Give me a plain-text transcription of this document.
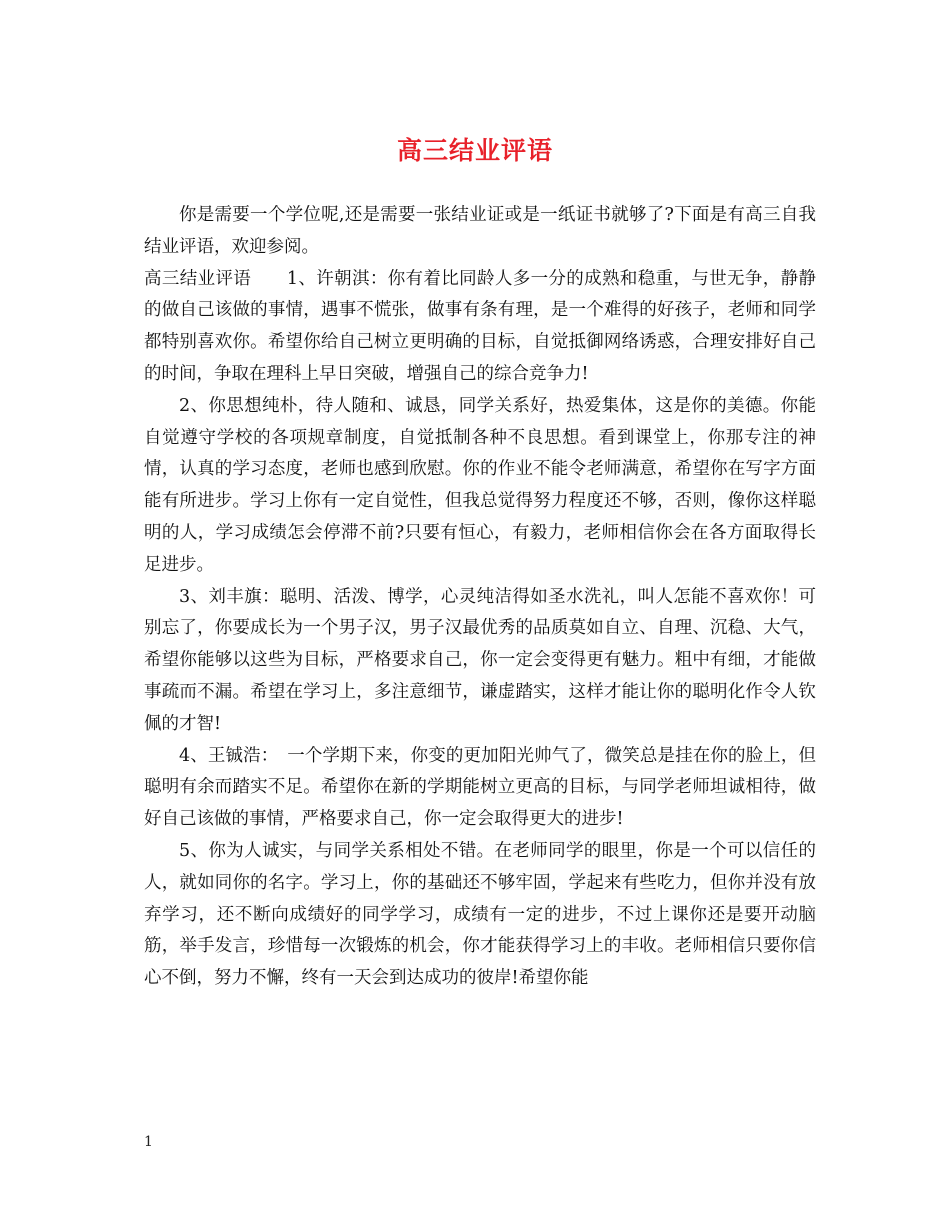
高三结业评语

你是需要一个学位呢,还是需要一张结业证或是一纸证书就够了?下面是有高三自我结业评语，欢迎参阅。

高三结业评语　　1、许朝淇：你有着比同龄人多一分的成熟和稳重，与世无争，静静的做自己该做的事情，遇事不慌张，做事有条有理，是一个难得的好孩子，老师和同学都特别喜欢你。希望你给自己树立更明确的目标，自觉抵御网络诱惑，合理安排好自己的时间，争取在理科上早日突破，增强自己的综合竞争力!

2、你思想纯朴，待人随和、诚恳，同学关系好，热爱集体，这是你的美德。你能自觉遵守学校的各项规章制度，自觉抵制各种不良思想。看到课堂上，你那专注的神情，认真的学习态度，老师也感到欣慰。你的作业不能令老师满意，希望你在写字方面能有所进步。学习上你有一定自觉性，但我总觉得努力程度还不够，否则，像你这样聪明的人，学习成绩怎会停滞不前?只要有恒心，有毅力，老师相信你会在各方面取得长足进步。

3、刘丰旗：聪明、活泼、博学，心灵纯洁得如圣水洗礼，叫人怎能不喜欢你！可别忘了，你要成长为一个男子汉，男子汉最优秀的品质莫如自立、自理、沉稳、大气，希望你能够以这些为目标，严格要求自己，你一定会变得更有魅力。粗中有细，才能做事疏而不漏。希望在学习上，多注意细节，谦虚踏实，这样才能让你的聪明化作令人钦佩的才智!

4、王铖浩：　一个学期下来，你变的更加阳光帅气了，微笑总是挂在你的脸上，但聪明有余而踏实不足。希望你在新的学期能树立更高的目标，与同学老师坦诚相待，做好自己该做的事情，严格要求自己，你一定会取得更大的进步!

5、你为人诚实，与同学关系相处不错。在老师同学的眼里，你是一个可以信任的人，就如同你的名字。学习上，你的基础还不够牢固，学起来有些吃力，但你并没有放弃学习，还不断向成绩好的同学学习，成绩有一定的进步，不过上课你还是要开动脑筋，举手发言，珍惜每一次锻炼的机会，你才能获得学习上的丰收。老师相信只要你信心不倒，努力不懈，终有一天会到达成功的彼岸!希望你能

1
